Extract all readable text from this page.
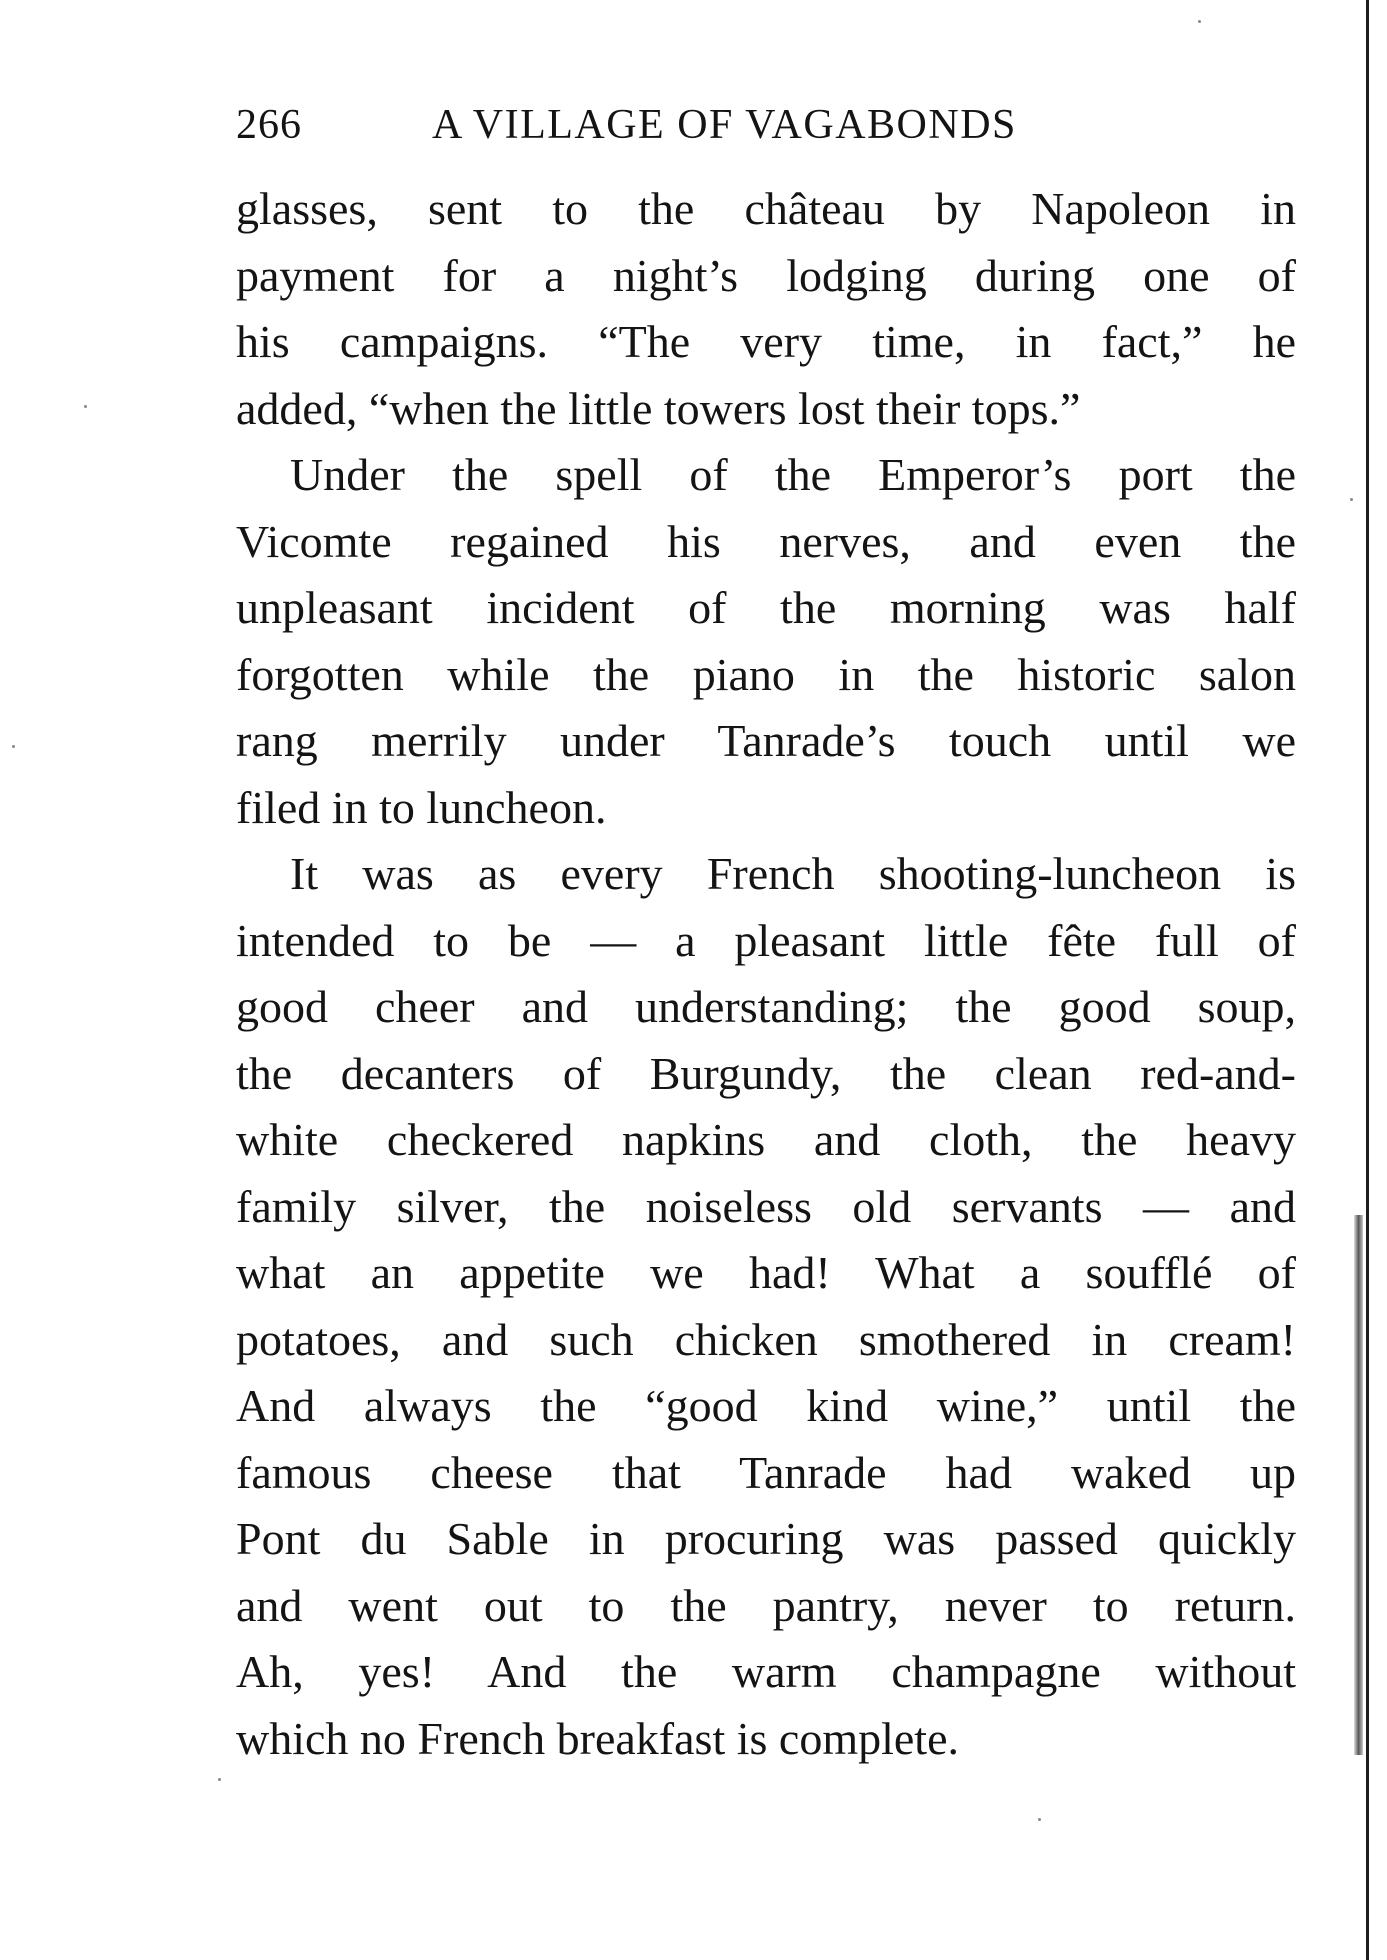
266	A VILLAGE OF VAGABONDS
glasses, sent to the château by Napoleon in
payment for a night’s lodging during one of
his campaigns. “The very time, in fact,” he
added, “when the little towers lost their tops.”
Under the spell of the Emperor’s port the
Vicomte regained his nerves, and even the
unpleasant incident of the morning was half
forgotten while the piano in the historic salon
rang merrily under Tanrade’s touch until we
filed in to luncheon.
It was as every French shooting-luncheon is
intended to be — a pleasant little fête full of
good cheer and understanding; the good soup,
the decanters of Burgundy, the clean red-and-
white checkered napkins and cloth, the heavy
family silver, the noiseless old servants — and
what an appetite we had! What a soufflé of
potatoes, and such chicken smothered in cream!
And always the “good kind wine,” until the
famous cheese that Tanrade had waked up
Pont du Sable in procuring was passed quickly
and went out to the pantry, never to return.
Ah, yes! And the warm champagne without
which no French breakfast is complete.
